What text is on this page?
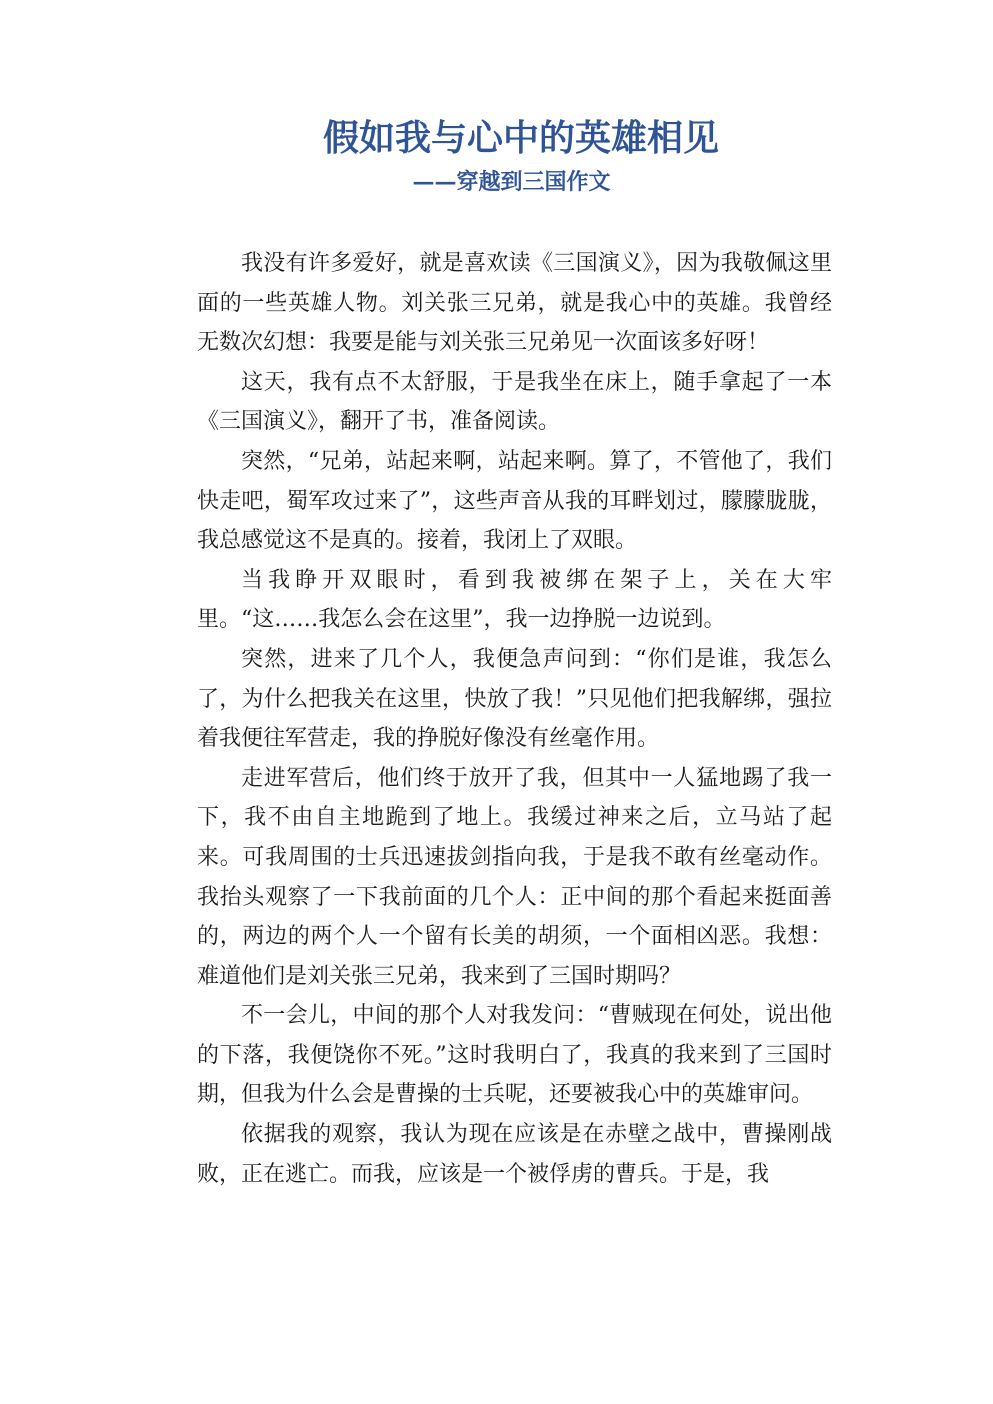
假如我与心中的英雄相见
——穿越到三国作文

我没有许多爱好，就是喜欢读《三国演义》，因为我敬佩这里面的一些英雄人物。刘关张三兄弟，就是我心中的英雄。我曾经无数次幻想：我要是能与刘关张三兄弟见一次面该多好呀！

这天，我有点不太舒服，于是我坐在床上，随手拿起了一本《三国演义》，翻开了书，准备阅读。

突然，“兄弟，站起来啊，站起来啊。算了，不管他了，我们快走吧，蜀军攻过来了”，这些声音从我的耳畔划过，朦朦胧胧，我总感觉这不是真的。接着，我闭上了双眼。

当我睁开双眼时，看到我被绑在架子上，关在大牢里。“这……我怎么会在这里”，我一边挣脱一边说到。

突然，进来了几个人，我便急声问到：“你们是谁，我怎么了，为什么把我关在这里，快放了我！”只见他们把我解绑，强拉着我便往军营走，我的挣脱好像没有丝毫作用。

走进军营后，他们终于放开了我，但其中一人猛地踢了我一下，我不由自主地跪到了地上。我缓过神来之后，立马站了起来。可我周围的士兵迅速拔剑指向我，于是我不敢有丝毫动作。我抬头观察了一下我前面的几个人：正中间的那个看起来挺面善的，两边的两个人一个留有长美的胡须，一个面相凶恶。我想：难道他们是刘关张三兄弟，我来到了三国时期吗？

不一会儿，中间的那个人对我发问：“曹贼现在何处，说出他的下落，我便饶你不死。”这时我明白了，我真的我来到了三国时期，但我为什么会是曹操的士兵呢，还要被我心中的英雄审问。

依据我的观察，我认为现在应该是在赤壁之战中，曹操刚战败，正在逃亡。而我，应该是一个被俘虏的曹兵。于是，我
